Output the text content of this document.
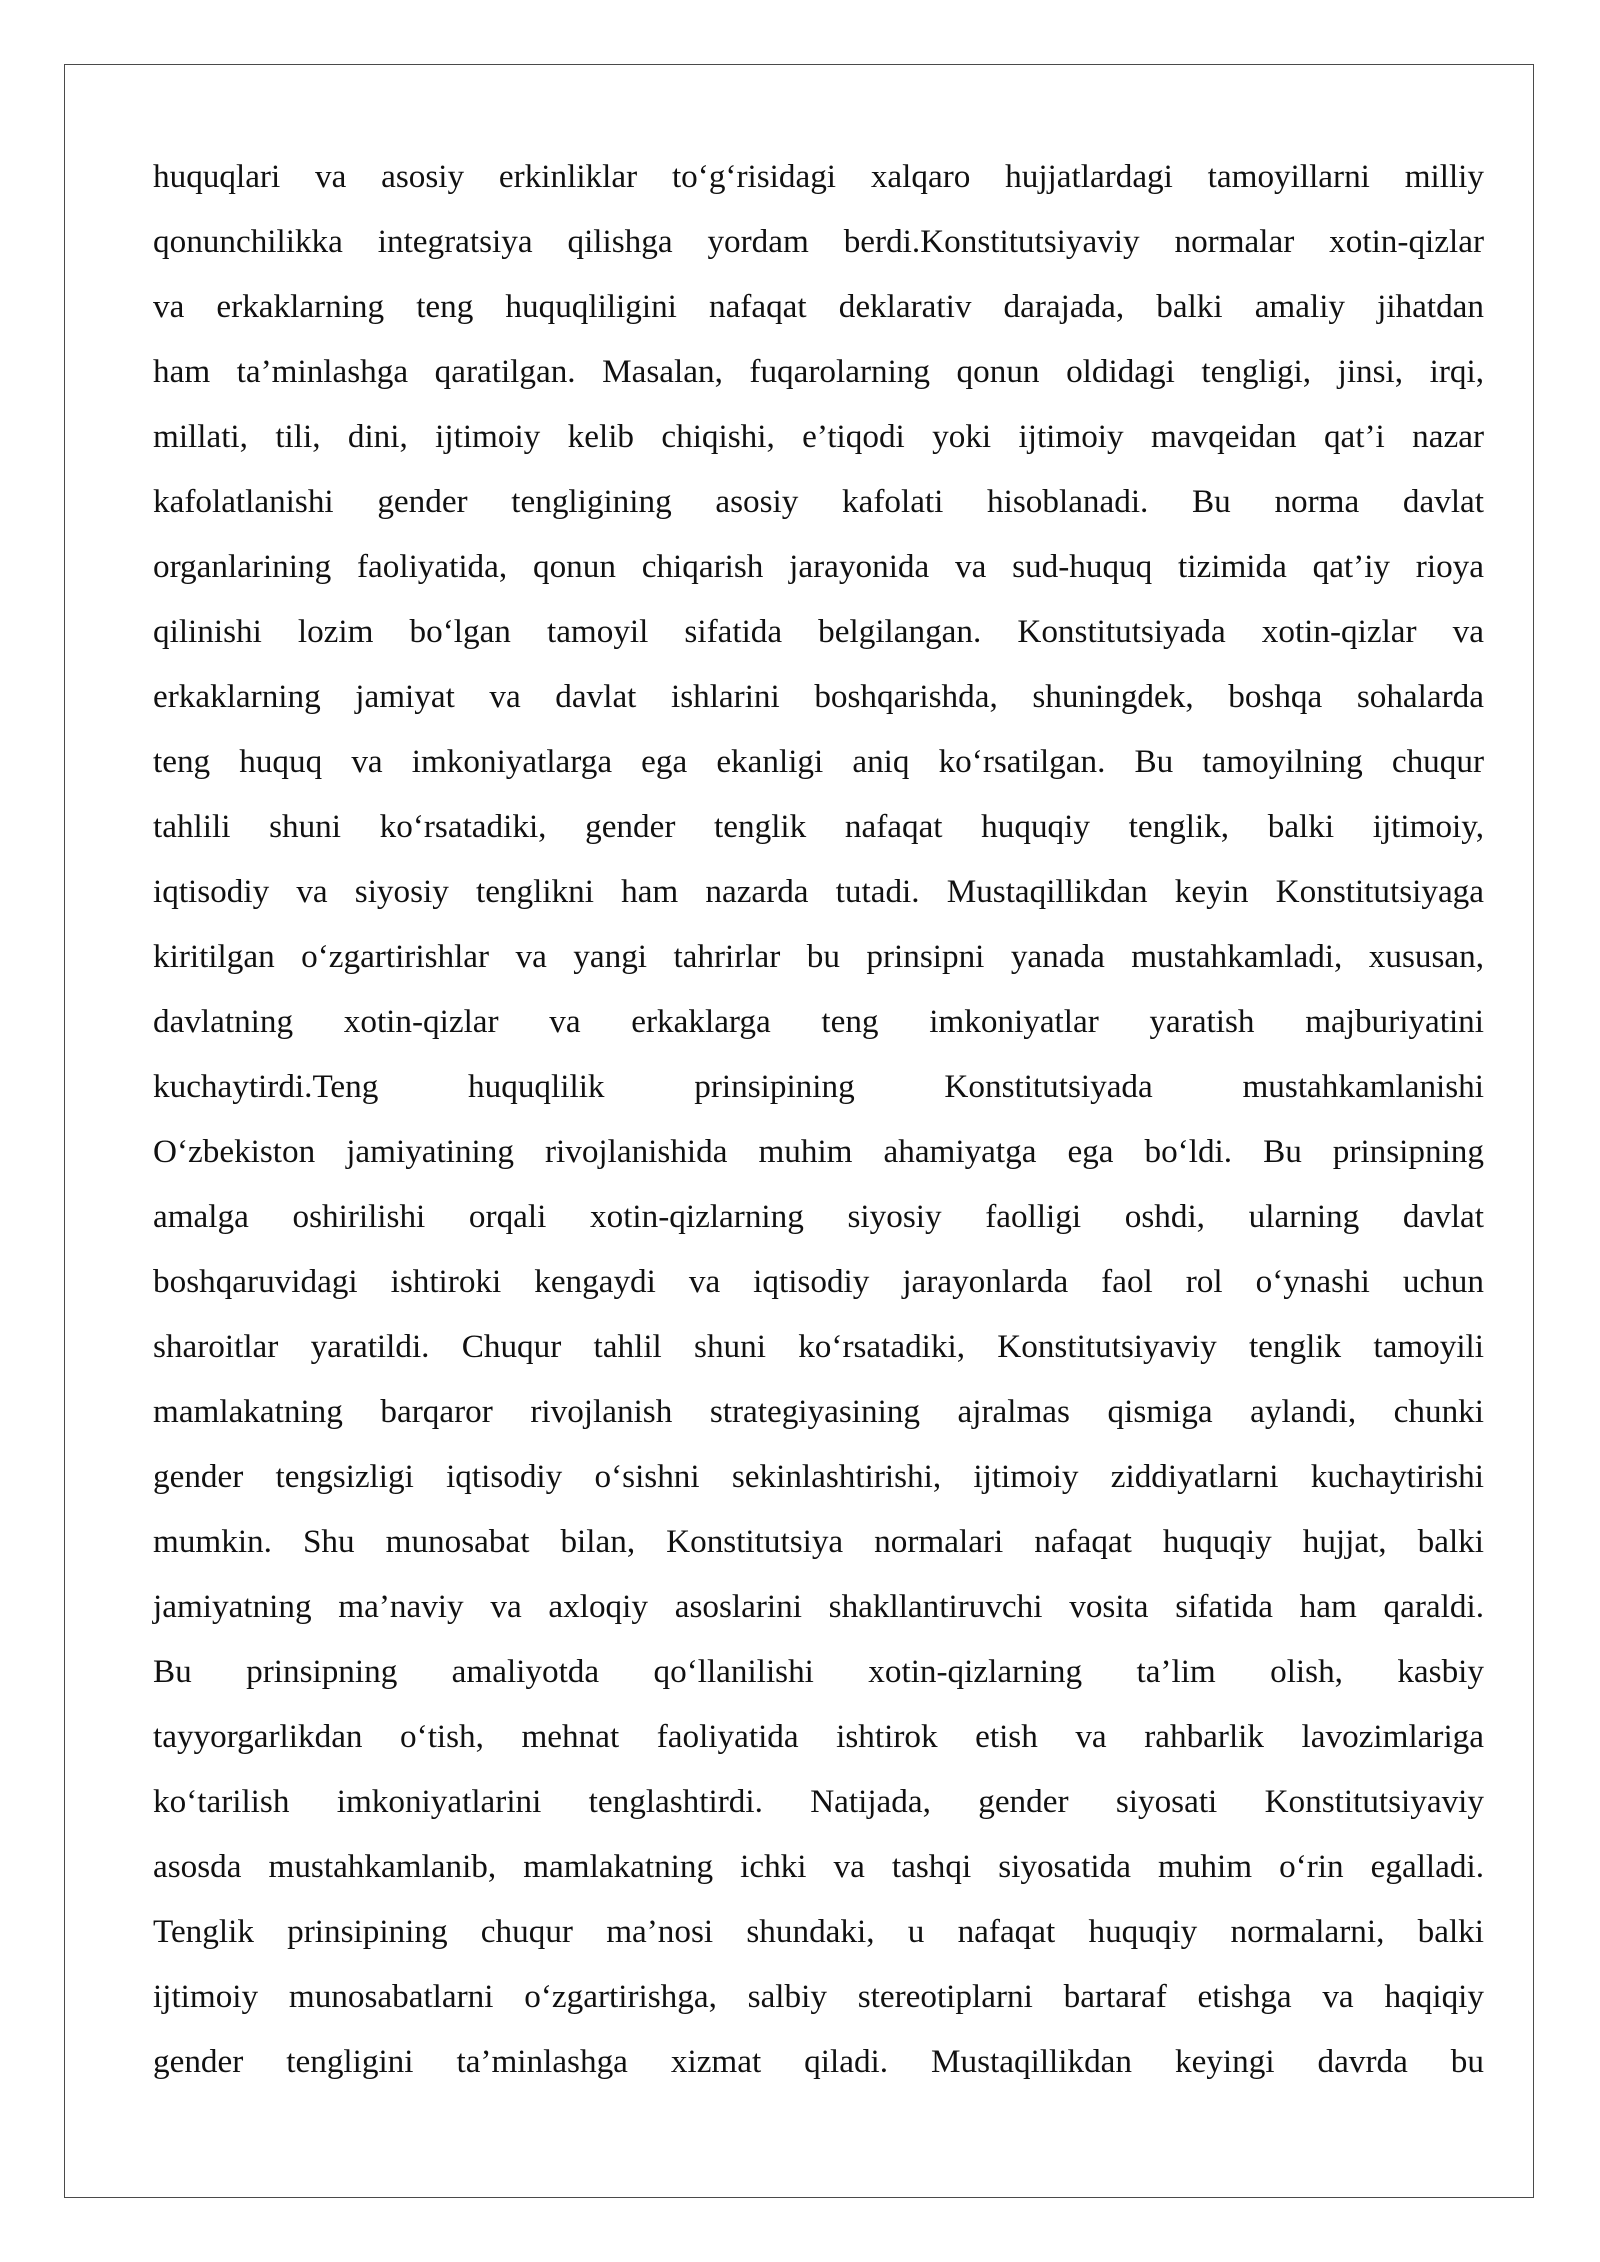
huquqlari va asosiy erkinliklar to‘g‘risidagi xalqaro hujjatlardagi tamoyillarni milliy

qonunchilikka integratsiya qilishga yordam berdi.Konstitutsiyaviy normalar xotin-qizlar

va erkaklarning teng huquqliligini nafaqat deklarativ darajada, balki amaliy jihatdan

ham ta’minlashga qaratilgan. Masalan, fuqarolarning qonun oldidagi tengligi, jinsi, irqi,

millati, tili, dini, ijtimoiy kelib chiqishi, e’tiqodi yoki ijtimoiy mavqeidan qat’i nazar

kafolatlanishi gender tengligining asosiy kafolati hisoblanadi. Bu norma davlat

organlarining faoliyatida, qonun chiqarish jarayonida va sud-huquq tizimida qat’iy rioya

qilinishi lozim bo‘lgan tamoyil sifatida belgilangan. Konstitutsiyada xotin-qizlar va

erkaklarning jamiyat va davlat ishlarini boshqarishda, shuningdek, boshqa sohalarda

teng huquq va imkoniyatlarga ega ekanligi aniq ko‘rsatilgan. Bu tamoyilning chuqur

tahlili shuni ko‘rsatadiki, gender tenglik nafaqat huquqiy tenglik, balki ijtimoiy,

iqtisodiy va siyosiy tenglikni ham nazarda tutadi. Mustaqillikdan keyin Konstitutsiyaga

kiritilgan o‘zgartirishlar va yangi tahrirlar bu prinsipni yanada mustahkamladi, xususan,

davlatning xotin-qizlar va erkaklarga teng imkoniyatlar yaratish majburiyatini

kuchaytirdi.Teng huquqlilik prinsipining Konstitutsiyada mustahkamlanishi

O‘zbekiston jamiyatining rivojlanishida muhim ahamiyatga ega bo‘ldi. Bu prinsipning

amalga oshirilishi orqali xotin-qizlarning siyosiy faolligi oshdi, ularning davlat

boshqaruvidagi ishtiroki kengaydi va iqtisodiy jarayonlarda faol rol o‘ynashi uchun

sharoitlar yaratildi. Chuqur tahlil shuni ko‘rsatadiki, Konstitutsiyaviy tenglik tamoyili

mamlakatning barqaror rivojlanish strategiyasining ajralmas qismiga aylandi, chunki

gender tengsizligi iqtisodiy o‘sishni sekinlashtirishi, ijtimoiy ziddiyatlarni kuchaytirishi

mumkin. Shu munosabat bilan, Konstitutsiya normalari nafaqat huquqiy hujjat, balki

jamiyatning ma’naviy va axloqiy asoslarini shakllantiruvchi vosita sifatida ham qaraldi.

Bu prinsipning amaliyotda qo‘llanilishi xotin-qizlarning ta’lim olish, kasbiy

tayyorgarlikdan o‘tish, mehnat faoliyatida ishtirok etish va rahbarlik lavozimlariga

ko‘tarilish imkoniyatlarini tenglashtirdi. Natijada, gender siyosati Konstitutsiyaviy

asosda mustahkamlanib, mamlakatning ichki va tashqi siyosatida muhim o‘rin egalladi.

Tenglik prinsipining chuqur ma’nosi shundaki, u nafaqat huquqiy normalarni, balki

ijtimoiy munosabatlarni o‘zgartirishga, salbiy stereotiplarni bartaraf etishga va haqiqiy

gender tengligini ta’minlashga xizmat qiladi. Mustaqillikdan keyingi davrda bu
